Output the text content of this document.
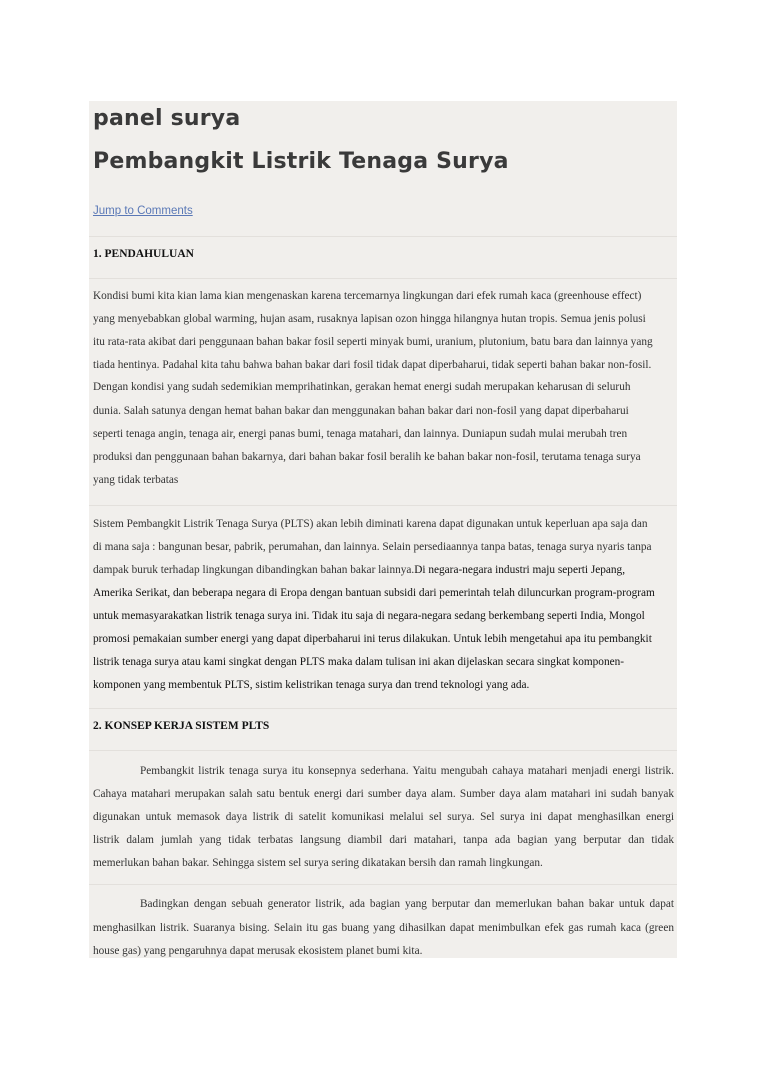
panel surya
Pembangkit Listrik Tenaga Surya
Jump to Comments
1. PENDAHULUAN
Kondisi bumi kita kian lama kian mengenaskan karena tercemarnya lingkungan dari efek rumah kaca (greenhouse effect)
yang menyebabkan global warming, hujan asam, rusaknya lapisan ozon hingga hilangnya hutan tropis. Semua jenis polusi
itu rata-rata akibat dari penggunaan bahan bakar fosil seperti minyak bumi, uranium, plutonium, batu bara dan lainnya yang
tiada hentinya. Padahal kita tahu bahwa bahan bakar dari fosil tidak dapat diperbaharui, tidak seperti bahan bakar non-fosil.
Dengan kondisi yang sudah sedemikian memprihatinkan, gerakan hemat energi sudah merupakan keharusan di seluruh
dunia. Salah satunya dengan hemat bahan bakar dan menggunakan bahan bakar dari non-fosil yang dapat diperbaharui
seperti tenaga angin, tenaga air, energi panas bumi, tenaga matahari, dan lainnya. Duniapun sudah mulai merubah tren
produksi dan penggunaan bahan bakarnya, dari bahan bakar fosil beralih ke bahan bakar non-fosil, terutama tenaga surya
yang tidak terbatas
Sistem Pembangkit Listrik Tenaga Surya (PLTS) akan lebih diminati karena dapat digunakan untuk keperluan apa saja dan
di mana saja : bangunan besar, pabrik, perumahan, dan lainnya. Selain persediaannya tanpa batas, tenaga surya nyaris tanpa
dampak buruk terhadap lingkungan dibandingkan bahan bakar lainnya.Di negara-negara industri maju seperti Jepang,
Amerika Serikat, dan beberapa negara di Eropa dengan bantuan subsidi dari pemerintah telah diluncurkan program-program
untuk memasyarakatkan listrik tenaga surya ini. Tidak itu saja di negara-negara sedang berkembang seperti India, Mongol
promosi pemakaian sumber energi yang dapat diperbaharui ini terus dilakukan. Untuk lebih mengetahui apa itu pembangkit
listrik tenaga surya atau kami singkat dengan PLTS maka dalam tulisan ini akan dijelaskan secara singkat komponen-
komponen yang membentuk PLTS, sistim kelistrikan tenaga surya dan trend teknologi yang ada.
2. KONSEP KERJA SISTEM PLTS
Pembangkit listrik tenaga surya itu konsepnya sederhana. Yaitu mengubah cahaya matahari menjadi energi listrik.
Cahaya matahari merupakan salah satu bentuk energi dari sumber daya alam. Sumber daya alam matahari ini sudah banyak
digunakan untuk memasok daya listrik di satelit komunikasi melalui sel surya. Sel surya ini dapat menghasilkan energi
listrik dalam jumlah yang tidak terbatas langsung diambil dari matahari, tanpa ada bagian yang berputar dan tidak
memerlukan bahan bakar. Sehingga sistem sel surya sering dikatakan bersih dan ramah lingkungan.
Badingkan dengan sebuah generator listrik, ada bagian yang berputar dan memerlukan bahan bakar untuk dapat
menghasilkan listrik. Suaranya bising. Selain itu gas buang yang dihasilkan dapat menimbulkan efek gas rumah kaca (green
house gas) yang pengaruhnya dapat merusak ekosistem planet bumi kita.
